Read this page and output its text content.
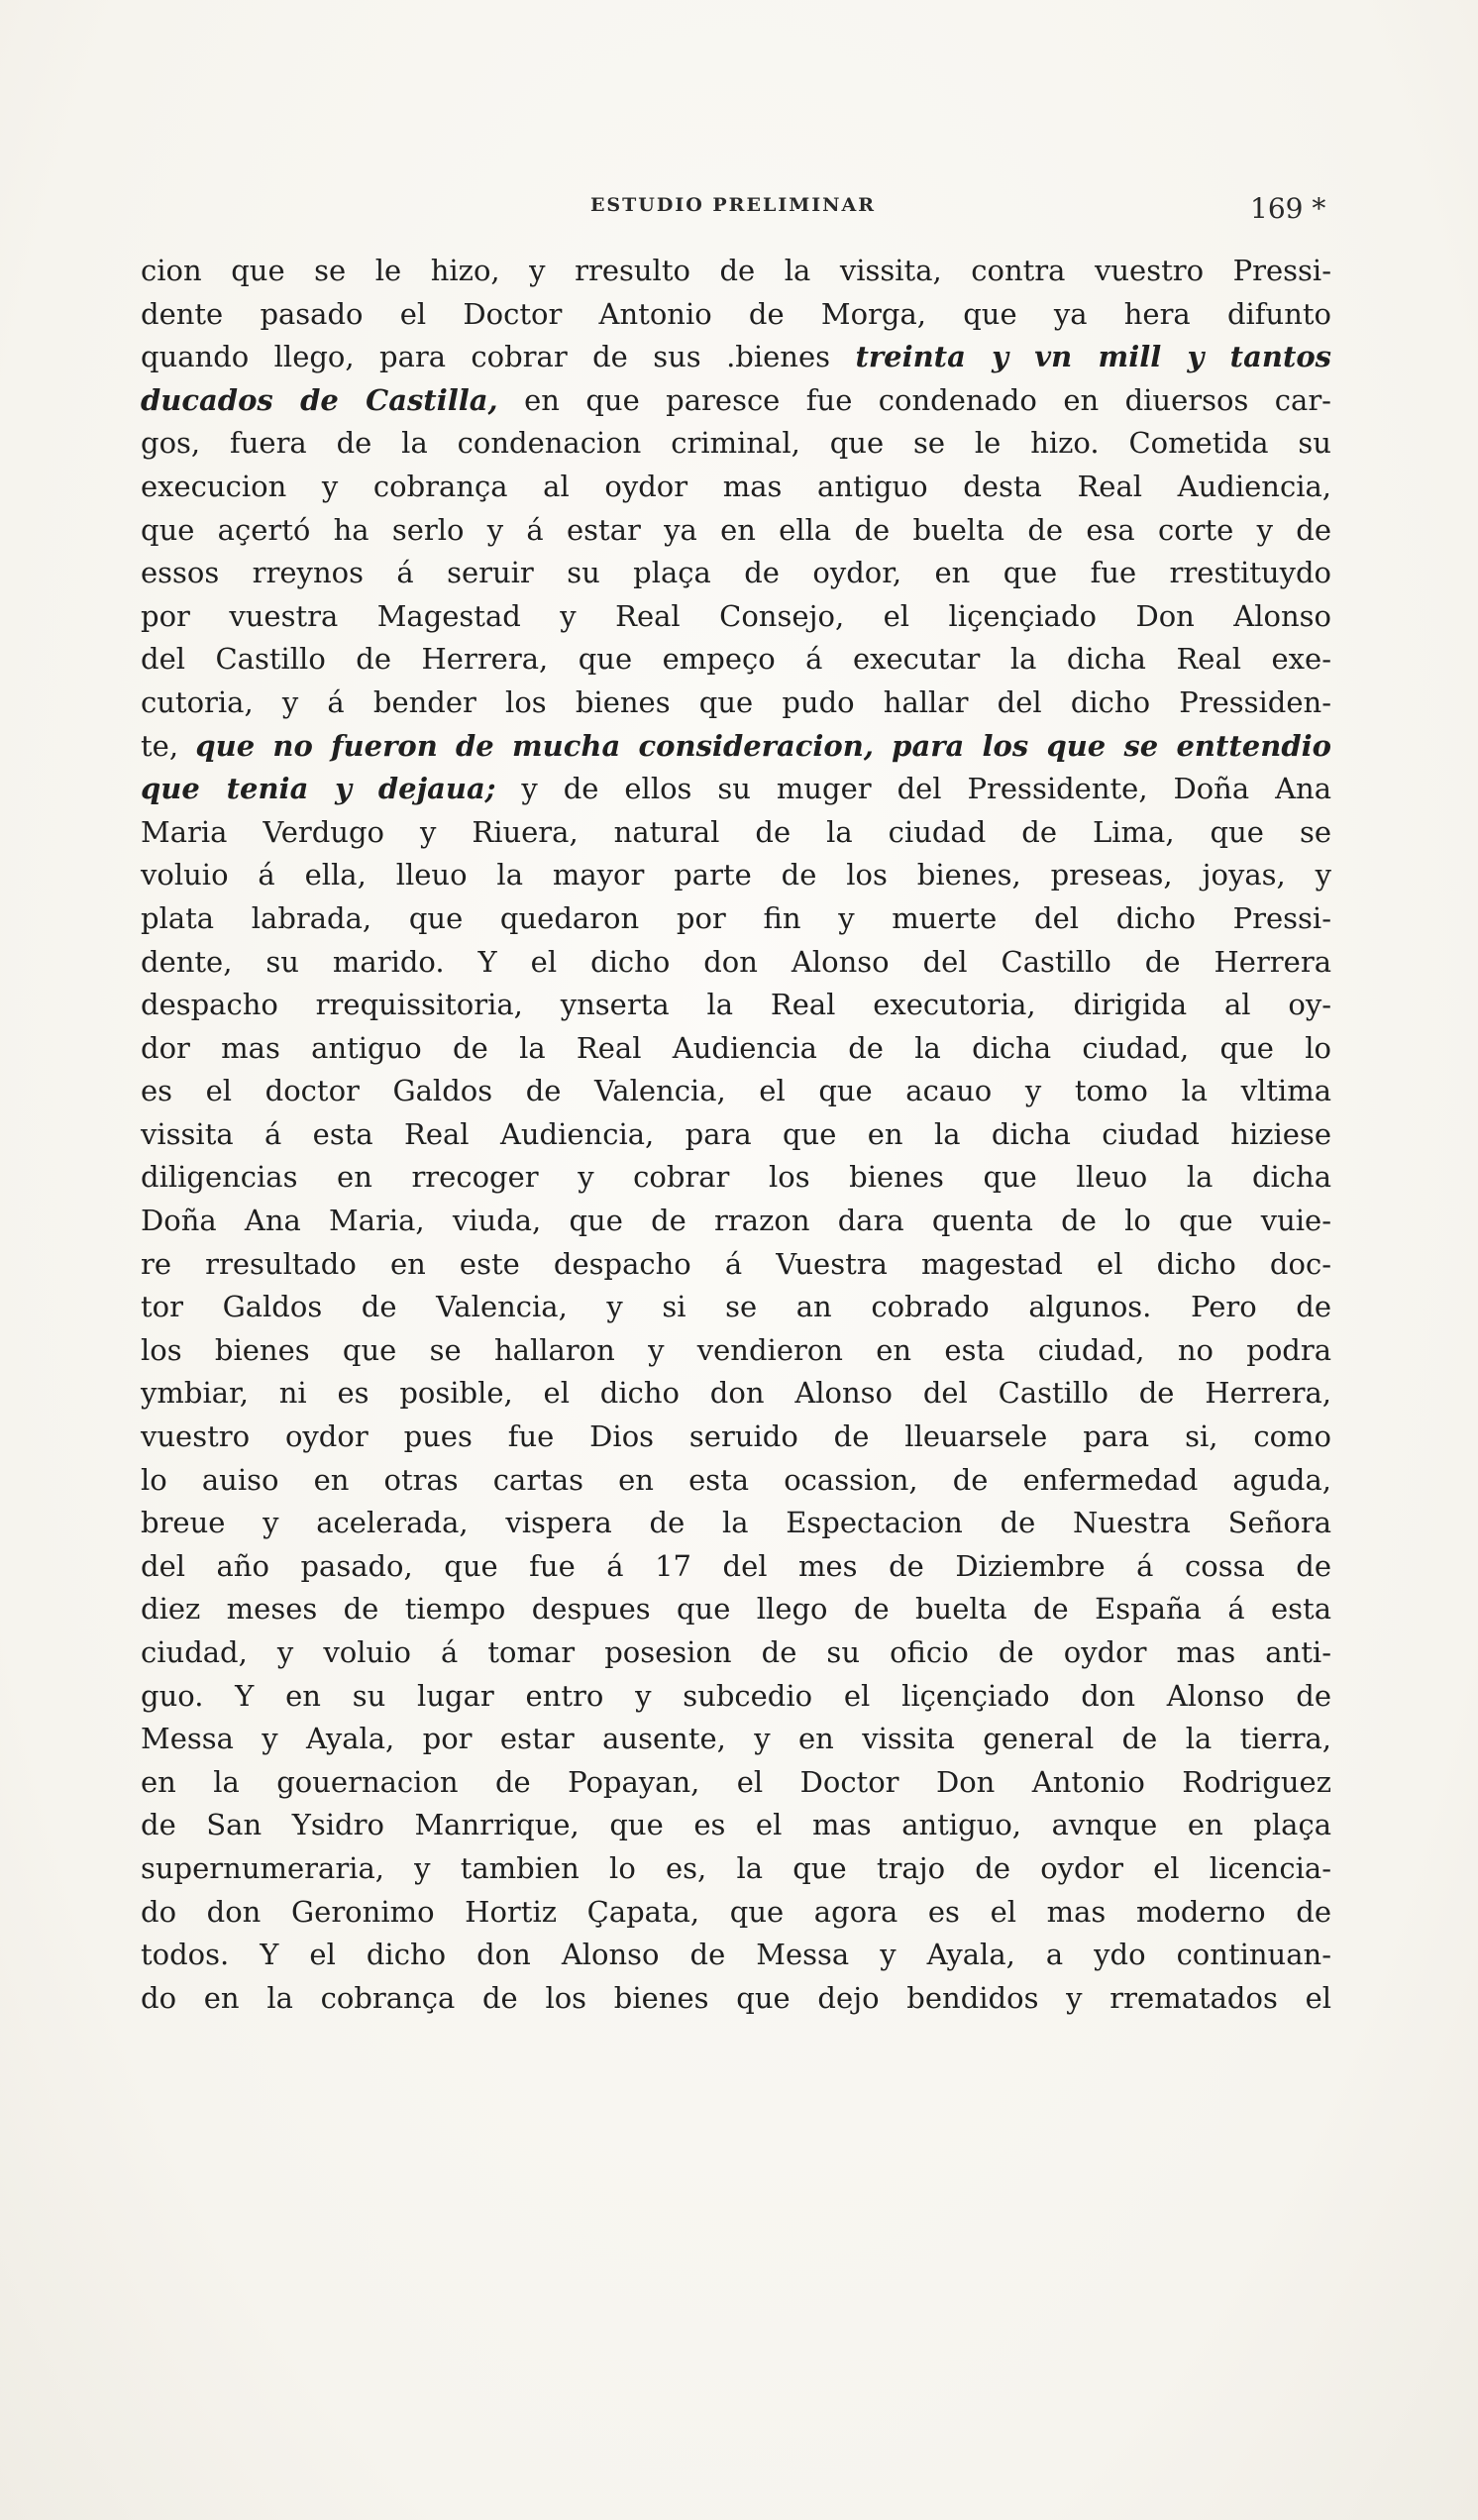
ESTUDIO PRELIMINAR	169 *
cion que se le hizo, y rresulto de la vissita, contra vuestro Pressi-
dente pasado el Doctor Antonio de Morga, que ya hera difunto
quando llego, para cobrar de sus .bienes treinta y vn mill y tantos
ducados de Castilla, en que paresce fue condenado en diuersos car-
gos, fuera de la condenacion criminal, que se le hizo. Cometida su
execucion y cobrança al oydor mas antiguo desta Real Audiencia,
que açertó ha serlo y á estar ya en ella de buelta de esa corte y de
essos rreynos á seruir su plaça de oydor, en que fue rrestituydo
por vuestra Magestad y Real Consejo, el liçençiado Don Alonso
del Castillo de Herrera, que empeço á executar la dicha Real exe-
cutoria, y á bender los bienes que pudo hallar del dicho Pressiden-
te, que no fueron de mucha consideracion, para los que se enttendio
que tenia y dejaua; y de ellos su muger del Pressidente, Doña Ana
Maria Verdugo y Riuera, natural de la ciudad de Lima, que se
voluio á ella, lleuo la mayor parte de los bienes, preseas, joyas, y
plata labrada, que quedaron por fin y muerte del dicho Pressi-
dente, su marido. Y el dicho don Alonso del Castillo de Herrera
despacho rrequissitoria, ynserta la Real executoria, dirigida al oy-
dor mas antiguo de la Real Audiencia de la dicha ciudad, que lo
es el doctor Galdos de Valencia, el que acauo y tomo la vltima
vissita á esta Real Audiencia, para que en la dicha ciudad hiziese
diligencias en rrecoger y cobrar los bienes que lleuo la dicha
Doña Ana Maria, viuda, que de rrazon dara quenta de lo que vuie-
re rresultado en este despacho á Vuestra magestad el dicho doc-
tor Galdos de Valencia, y si se an cobrado algunos. Pero de
los bienes que se hallaron y vendieron en esta ciudad, no podra
ymbiar, ni es posible, el dicho don Alonso del Castillo de Herrera,
vuestro oydor pues fue Dios seruido de lleuarsele para si, como
lo auiso en otras cartas en esta ocassion, de enfermedad aguda,
breue y acelerada, vispera de la Espectacion de Nuestra Señora
del año pasado, que fue á 17 del mes de Diziembre á cossa de
diez meses de tiempo despues que llego de buelta de España á esta
ciudad, y voluio á tomar posesion de su oficio de oydor mas anti-
guo. Y en su lugar entro y subcedio el liçençiado don Alonso de
Messa y Ayala, por estar ausente, y en vissita general de la tierra,
en la gouernacion de Popayan, el Doctor Don Antonio Rodriguez
de San Ysidro Manrrique, que es el mas antiguo, avnque en plaça
supernumeraria, y tambien lo es, la que trajo de oydor el licencia-
do don Geronimo Hortiz Çapata, que agora es el mas moderno de
todos. Y el dicho don Alonso de Messa y Ayala, a ydo continuan-
do en la cobrança de los bienes que dejo bendidos y rrematados el
